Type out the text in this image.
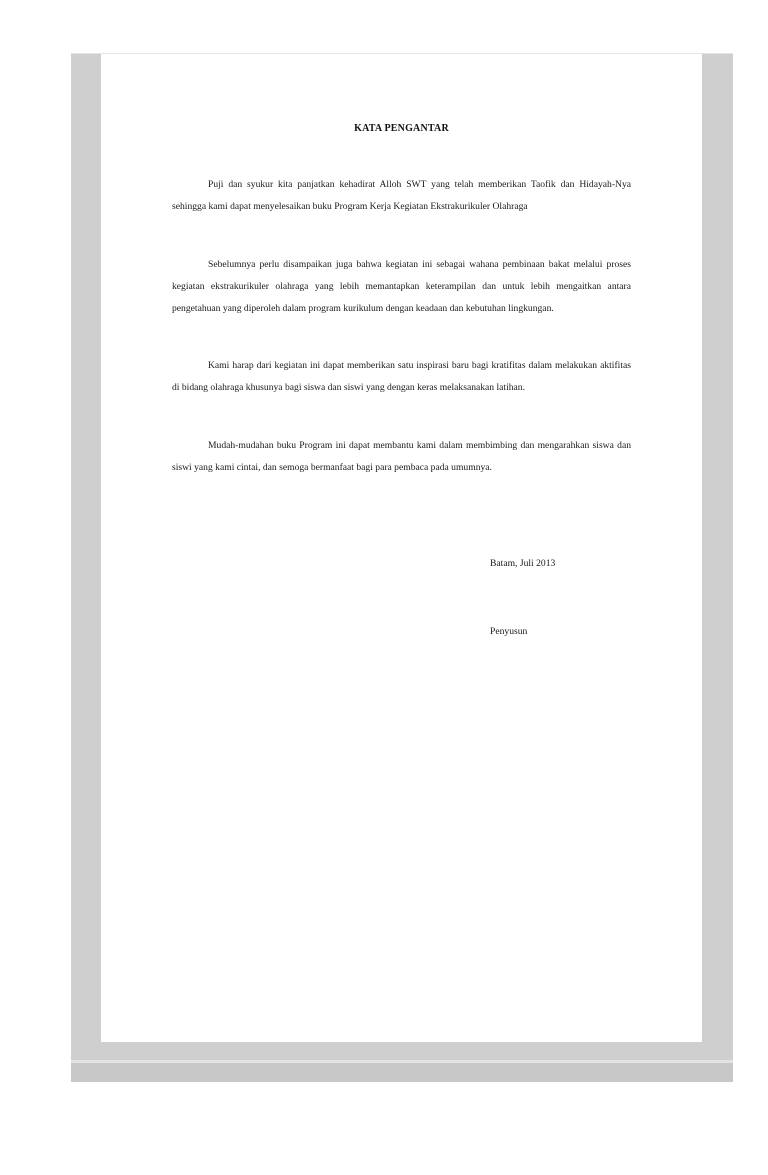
KATA PENGANTAR

Puji dan syukur kita panjatkan kehadirat Alloh SWT yang telah memberikan Taofik dan Hidayah-Nya sehingga kami dapat menyelesaikan buku Program Kerja Kegiatan Ekstrakurikuler Olahraga

Sebelumnya perlu disampaikan juga bahwa kegiatan ini sebagai wahana pembinaan bakat melalui proses kegiatan ekstrakurikuler olahraga yang lebih memantapkan keterampilan dan untuk lebih mengaitkan antara pengetahuan yang diperoleh dalam program kurikulum dengan keadaan dan kebutuhan lingkungan.

Kami harap dari kegiatan ini dapat memberikan satu inspirasi baru bagi kratifitas dalam melakukan aktifitas di bidang olahraga khusunya bagi siswa dan siswi yang dengan keras melaksanakan latihan.

Mudah-mudahan buku Program ini dapat membantu kami dalam membimbing dan mengarahkan siswa dan siswi yang kami cintai, dan semoga bermanfaat bagi para pembaca pada umumnya.

Batam, Juli 2013
Penyusun
